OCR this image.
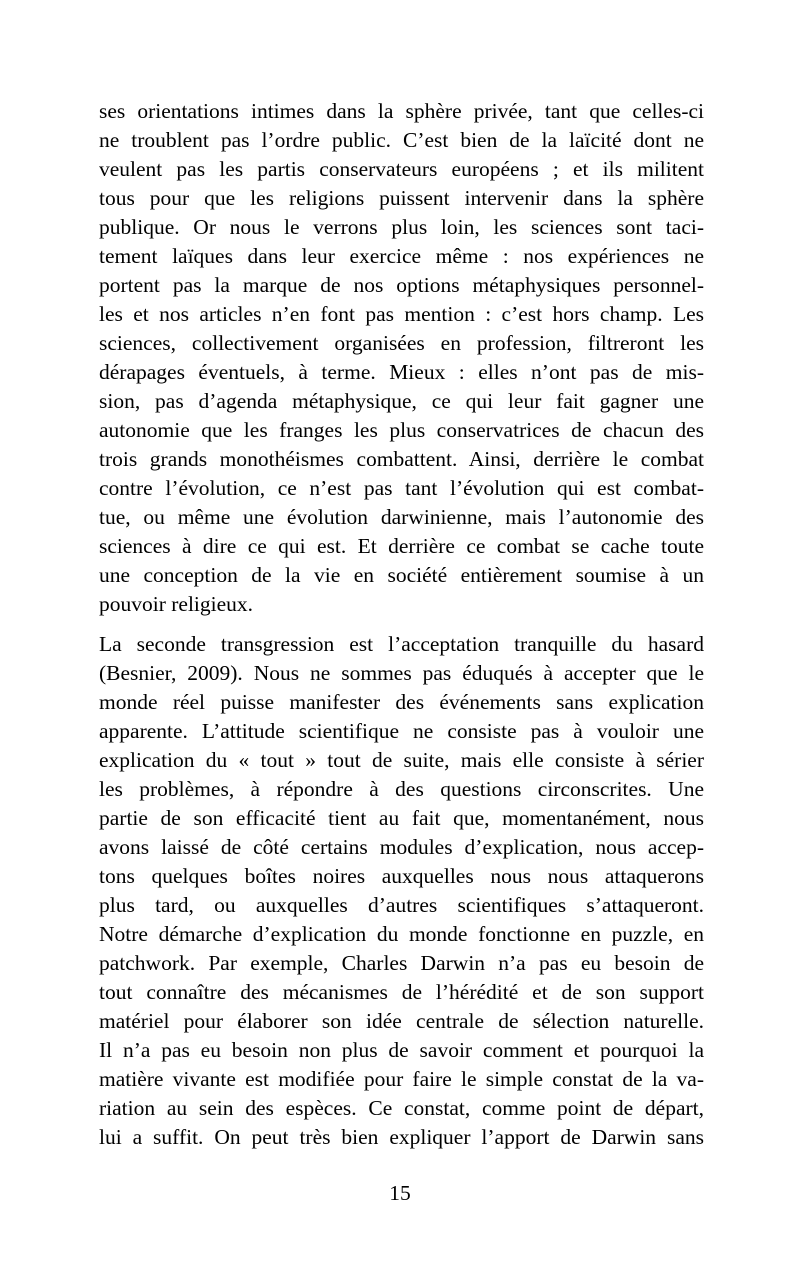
ses orientations intimes dans la sphère privée, tant que celles-ci
ne troublent pas l’ordre public. C’est bien de la laïcité dont ne
veulent pas les partis conservateurs européens ; et ils militent
tous pour que les religions puissent intervenir dans la sphère
publique. Or nous le verrons plus loin, les sciences sont taci-
tement laïques dans leur exercice même : nos expériences ne
portent pas la marque de nos options métaphysiques personnel-
les et nos articles n’en font pas mention : c’est hors champ. Les
sciences, collectivement organisées en profession, filtreront les
dérapages éventuels, à terme. Mieux : elles n’ont pas de mis-
sion, pas d’agenda métaphysique, ce qui leur fait gagner une
autonomie que les franges les plus conservatrices de chacun des
trois grands monothéismes combattent. Ainsi, derrière le combat
contre l’évolution, ce n’est pas tant l’évolution qui est combat-
tue, ou même une évolution darwinienne, mais l’autonomie des
sciences à dire ce qui est. Et derrière ce combat se cache toute
une conception de la vie en société entièrement soumise à un
pouvoir religieux.

La seconde transgression est l’acceptation tranquille du hasard
(Besnier, 2009). Nous ne sommes pas éduqués à accepter que le
monde réel puisse manifester des événements sans explication
apparente. L’attitude scientifique ne consiste pas à vouloir une
explication du « tout » tout de suite, mais elle consiste à sérier
les problèmes, à répondre à des questions circonscrites. Une
partie de son efficacité tient au fait que, momentanément, nous
avons laissé de côté certains modules d’explication, nous accep-
tons quelques boîtes noires auxquelles nous nous attaquerons
plus tard, ou auxquelles d’autres scientifiques s’attaqueront.
Notre démarche d’explication du monde fonctionne en puzzle, en
patchwork. Par exemple, Charles Darwin n’a pas eu besoin de
tout connaître des mécanismes de l’hérédité et de son support
matériel pour élaborer son idée centrale de sélection naturelle.
Il n’a pas eu besoin non plus de savoir comment et pourquoi la
matière vivante est modifiée pour faire le simple constat de la va-
riation au sein des espèces. Ce constat, comme point de départ,
lui a suffit. On peut très bien expliquer l’apport de Darwin sans

15
